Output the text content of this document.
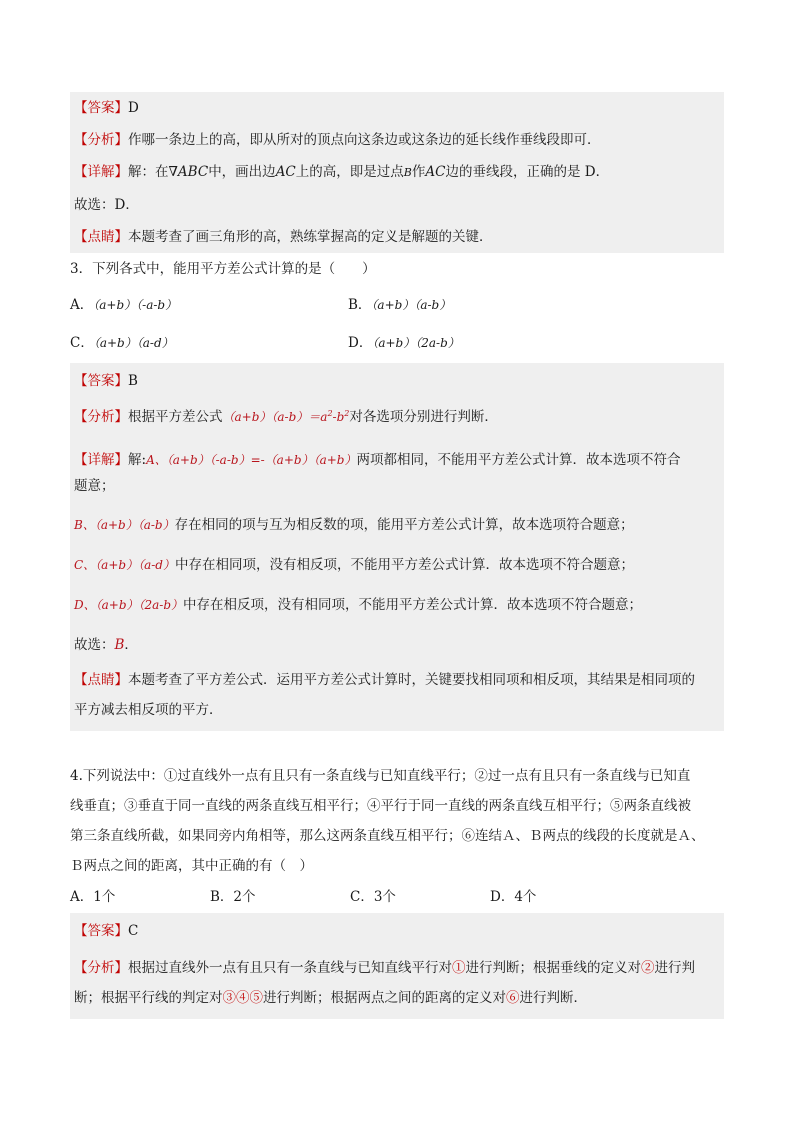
【答案】D
【分析】作哪一条边上的高，即从所对的顶点向这条边或这条边的延长线作垂线段即可．
【详解】解：在∇ABC中，画出边AC上的高，即是过点B作AC边的垂线段，正确的是 D．
故选：D．
【点睛】本题考查了画三角形的高，熟练掌握高的定义是解题的关键．
3．下列各式中，能用平方差公式计算的是（　　）
A．（a+b）（-a-b）	B．（a+b）（a-b）
C．（a+b）（a-d）	D．（a+b）（2a-b）
【答案】B
【分析】根据平方差公式$(a+b)(a-b)=a^2-b^2$对各选项分别进行判断．
【详解】解:A、（a+b）（-a-b）=-（a+b）（a+b）两项都相同，不能用平方差公式计算．故本选项不符合
题意；
B、（a+b）（a-b）存在相同的项与互为相反数的项，能用平方差公式计算，故本选项符合题意；
C、（a+b）（a-d）中存在相同项，没有相反项，不能用平方差公式计算．故本选项不符合题意；
D、（a+b）（2a-b）中存在相反项，没有相同项，不能用平方差公式计算．故本选项不符合题意；
故选：B．
【点睛】本题考查了平方差公式．运用平方差公式计算时，关键要找相同项和相反项，其结果是相同项的
平方减去相反项的平方．
4.下列说法中：①过直线外一点有且只有一条直线与已知直线平行；②过一点有且只有一条直线与已知直
线垂直；③垂直于同一直线的两条直线互相平行；④平行于同一直线的两条直线互相平行；⑤两条直线被
第三条直线所截，如果同旁内角相等，那么这两条直线互相平行；⑥连结Ａ、Ｂ两点的线段的长度就是Ａ、
Ｂ两点之间的距离，其中正确的有（　）
A．1个	B．2个	C．3个	D．4个
【答案】C
【分析】根据过直线外一点有且只有一条直线与已知直线平行对①进行判断；根据垂线的定义对②进行判
断；根据平行线的判定对③④⑤进行判断；根据两点之间的距离的定义对⑥进行判断．
